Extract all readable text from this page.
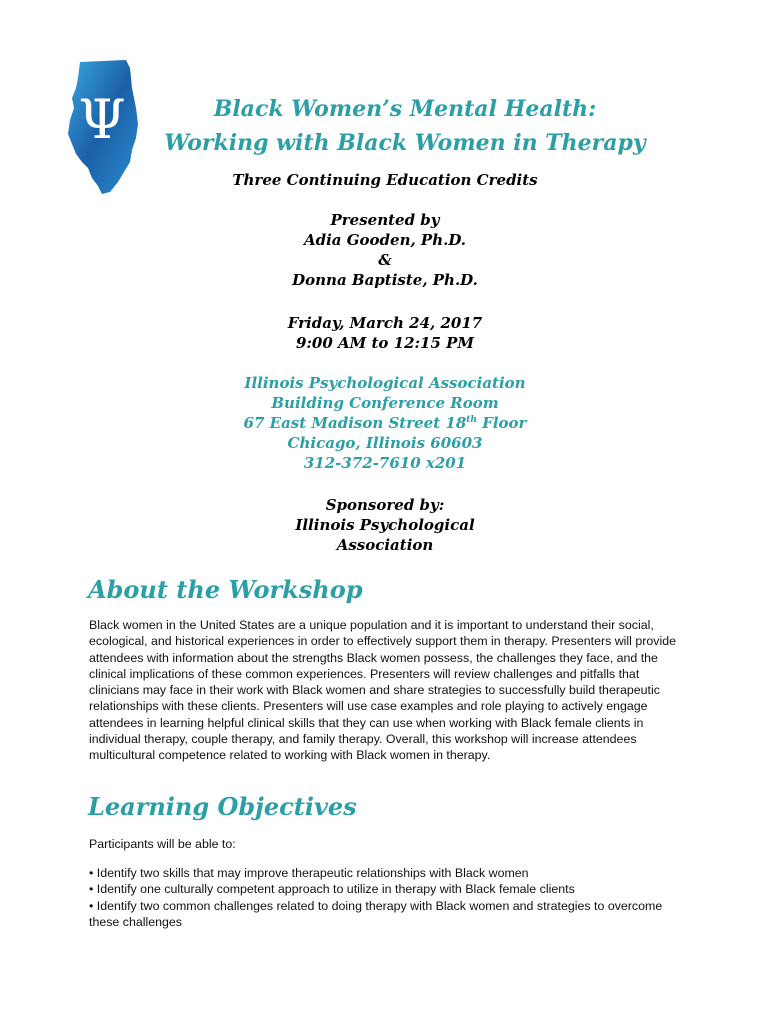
Ψ	Black Women’s Mental Health:
Working with Black Women in Therapy
Three Continuing Education Credits
Presented by
Adia Gooden, Ph.D.
&
Donna Baptiste, Ph.D.
Friday, March 24, 2017
9:00 AM to 12:15 PM
Illinois Psychological Association
Building Conference Room
67 East Madison Street 18th Floor
Chicago, Illinois 60603
312-372-7610 x201
Sponsored by:
Illinois Psychological
Association
About the Workshop
Black women in the United States are a unique population and it is important to understand their social, ecological, and historical experiences in order to effectively support them in therapy. Presenters will provide attendees with information about the strengths Black women possess, the challenges they face, and the clinical implications of these common experiences. Presenters will review challenges and pitfalls that clinicians may face in their work with Black women and share strategies to successfully build therapeutic relationships with these clients. Presenters will use case examples and role playing to actively engage attendees in learning helpful clinical skills that they can use when working with Black female clients in individual therapy, couple therapy, and family therapy. Overall, this workshop will increase attendees multicultural competence related to working with Black women in therapy.
Learning Objectives
Participants will be able to:
• Identify two skills that may improve therapeutic relationships with Black women
• Identify one culturally competent approach to utilize in therapy with Black female clients
• Identify two common challenges related to doing therapy with Black women and strategies to overcome these challenges
